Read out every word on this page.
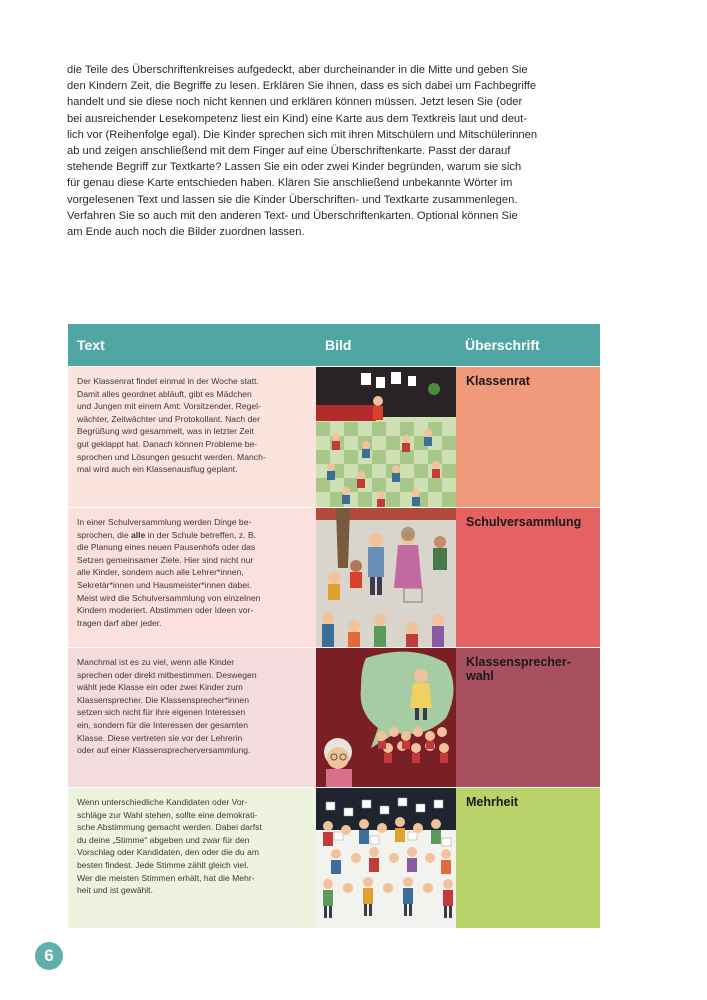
die Teile des Überschriftenkreises aufgedeckt, aber durcheinander in die Mitte und geben Sie

den Kindern Zeit, die Begriffe zu lesen. Erklären Sie ihnen, dass es sich dabei um Fachbegriffe

handelt und sie diese noch nicht kennen und erklären können müssen. Jetzt lesen Sie (oder

bei ausreichender Lesekompetenz liest ein Kind) eine Karte aus dem Textkreis laut und deut-

lich vor (Reihenfolge egal). Die Kinder sprechen sich mit ihren Mitschülern und Mitschülerinnen

ab und zeigen anschließend mit dem Finger auf eine Überschriftenkarte. Passt der darauf

stehende Begriff zur Textkarte? Lassen Sie ein oder zwei Kinder begründen, warum sie sich

für genau diese Karte entschieden haben. Klären Sie anschließend unbekannte Wörter im

vorgelesenen Text und lassen sie die Kinder Überschriften- und Textkarte zusammenlegen.

Verfahren Sie so auch mit den anderen Text- und Überschriftenkarten. Optional können Sie

am Ende auch noch die Bilder zuordnen lassen.

Text	Bild	Überschrift
Der Klassenrat findet einmal in der Woche statt.
Damit alles geordnet abläuft, gibt es Mädchen
und Jungen mit einem Amt: Vorsitzender, Regel-
wächter, Zeitwächter und Protokollant. Nach der
Begrüßung wird gesammelt, was in letzter Zeit
gut geklappt hat. Danach können Probleme be-
sprochen und Lösungen gesucht werden. Manch-
mal wird auch ein Klassenausflug geplant.
Klassenrat
In einer Schulversammlung werden Dinge be-
sprochen, die alle in der Schule betreffen, z. B.
die Planung eines neuen Pausenhofs oder das
Setzen gemeinsamer Ziele. Hier sind nicht nur
alle Kinder, sondern auch alle Lehrer*innen,
Sekretär*innen und Hausmeister*innen dabei.
Meist wird die Schulversammlung von einzelnen
Kindern moderiert. Abstimmen oder Ideen vor-
tragen darf aber jeder.
Schulversammlung
Manchmal ist es zu viel, wenn alle Kinder
sprechen oder direkt mitbestimmen. Deswegen
wählt jede Klasse ein oder zwei Kinder zum
Klassensprecher. Die Klassensprecher*innen
setzen sich nicht für ihre eigenen Interessen
ein, sondern für die Interessen der gesamten
Klasse. Diese vertreten sie vor der Lehrerin
oder auf einer Klassensprecherversammlung.
Klassensprecher-
wahl
Wenn unterschiedliche Kandidaten oder Vor-
schläge zur Wahl stehen, sollte eine demokrati-
sche Abstimmung gemacht werden. Dabei darfst
du deine „Stimme“ abgeben und zwar für den
Vorschlag oder Kandidaten, den oder die du am
besten findest. Jede Stimme zählt gleich viel.
Wer die meisten Stimmen erhält, hat die Mehr-
heit und ist gewählt.
Mehrheit
6
